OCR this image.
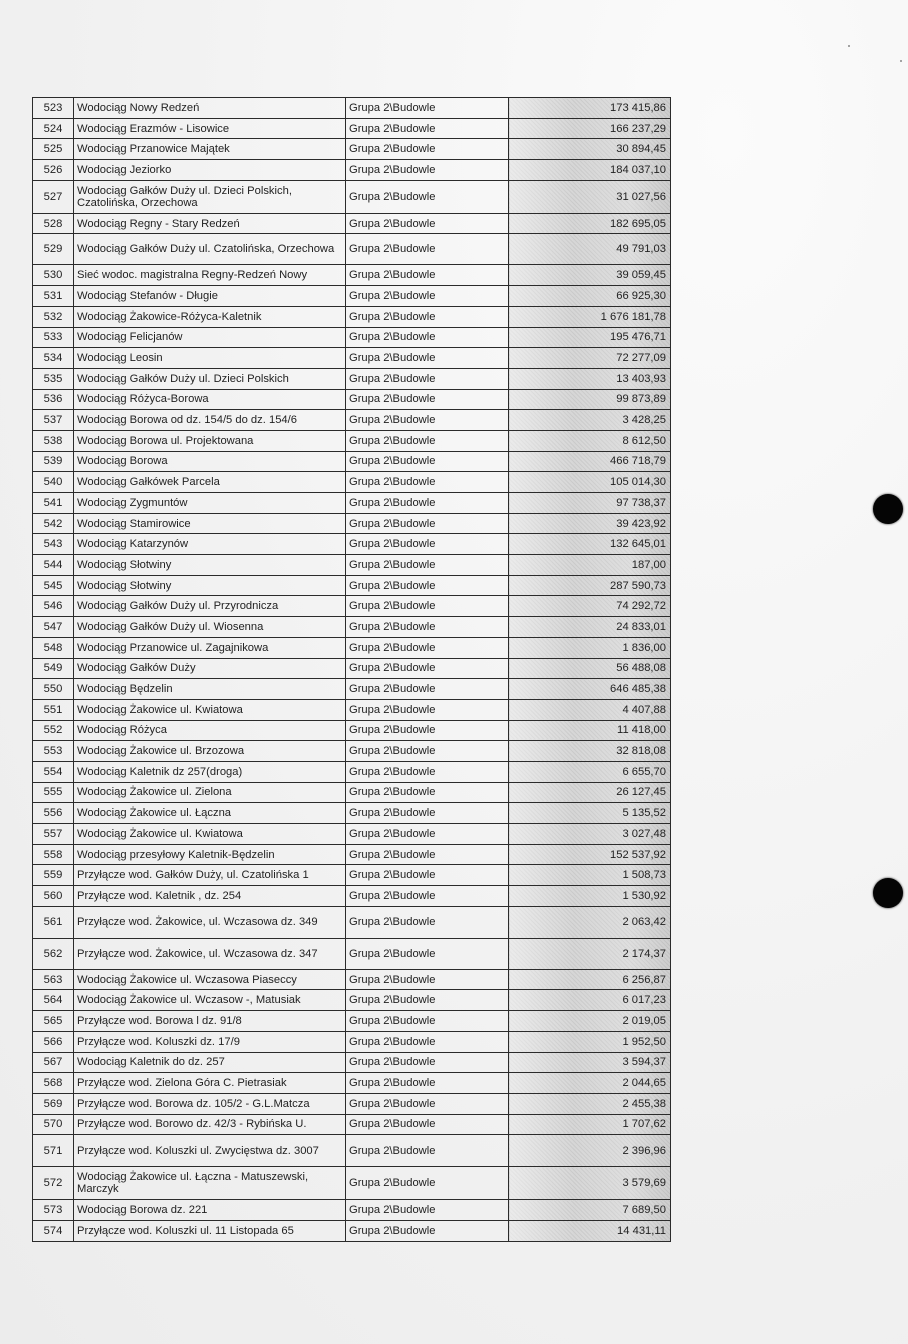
523	Wodociąg Nowy Redzeń	Grupa 2\Budowle	173 415,86
524	Wodociąg Erazmów - Lisowice	Grupa 2\Budowle	166 237,29
525	Wodociąg Przanowice Majątek	Grupa 2\Budowle	30 894,45
526	Wodociąg Jeziorko	Grupa 2\Budowle	184 037,10
527	Wodociąg Gałków Duży ul. Dzieci Polskich, Czatolińska, Orzechowa	Grupa 2\Budowle	31 027,56
528	Wodociąg Regny - Stary Redzeń	Grupa 2\Budowle	182 695,05
529	Wodociąg Gałków Duży ul. Czatolińska, Orzechowa	Grupa 2\Budowle	49 791,03
530	Sieć wodoc. magistralna Regny-Redzeń Nowy	Grupa 2\Budowle	39 059,45
531	Wodociąg Stefanów - Długie	Grupa 2\Budowle	66 925,30
532	Wodociąg Żakowice-Różyca-Kaletnik	Grupa 2\Budowle	1 676 181,78
533	Wodociąg Felicjanów	Grupa 2\Budowle	195 476,71
534	Wodociąg Leosin	Grupa 2\Budowle	72 277,09
535	Wodociąg Gałków Duży ul. Dzieci Polskich	Grupa 2\Budowle	13 403,93
536	Wodociąg Różyca-Borowa	Grupa 2\Budowle	99 873,89
537	Wodociąg Borowa od dz. 154/5 do dz. 154/6	Grupa 2\Budowle	3 428,25
538	Wodociąg Borowa ul. Projektowana	Grupa 2\Budowle	8 612,50
539	Wodociąg Borowa	Grupa 2\Budowle	466 718,79
540	Wodociąg Gałkówek Parcela	Grupa 2\Budowle	105 014,30
541	Wodociąg Zygmuntów	Grupa 2\Budowle	97 738,37
542	Wodociąg Stamirowice	Grupa 2\Budowle	39 423,92
543	Wodociąg Katarzynów	Grupa 2\Budowle	132 645,01
544	Wodociąg Słotwiny	Grupa 2\Budowle	187,00
545	Wodociąg Słotwiny	Grupa 2\Budowle	287 590,73
546	Wodociąg Gałków Duży ul. Przyrodnicza	Grupa 2\Budowle	74 292,72
547	Wodociąg Gałków Duży ul. Wiosenna	Grupa 2\Budowle	24 833,01
548	Wodociąg Przanowice ul. Zagajnikowa	Grupa 2\Budowle	1 836,00
549	Wodociąg Gałków Duży	Grupa 2\Budowle	56 488,08
550	Wodociąg Będzelin	Grupa 2\Budowle	646 485,38
551	Wodociąg Żakowice ul. Kwiatowa	Grupa 2\Budowle	4 407,88
552	Wodociąg Różyca	Grupa 2\Budowle	11 418,00
553	Wodociąg Żakowice ul. Brzozowa	Grupa 2\Budowle	32 818,08
554	Wodociąg Kaletnik dz 257(droga)	Grupa 2\Budowle	6 655,70
555	Wodociąg Żakowice ul. Zielona	Grupa 2\Budowle	26 127,45
556	Wodociąg Żakowice ul. Łączna	Grupa 2\Budowle	5 135,52
557	Wodociąg Żakowice ul. Kwiatowa	Grupa 2\Budowle	3 027,48
558	Wodociąg przesyłowy Kaletnik-Będzelin	Grupa 2\Budowle	152 537,92
559	Przyłącze wod. Gałków Duży, ul. Czatolińska 1	Grupa 2\Budowle	1 508,73
560	Przyłącze wod. Kaletnik , dz. 254	Grupa 2\Budowle	1 530,92
561	Przyłącze wod. Żakowice, ul. Wczasowa dz. 349	Grupa 2\Budowle	2 063,42
562	Przyłącze wod. Żakowice, ul. Wczasowa dz. 347	Grupa 2\Budowle	2 174,37
563	Wodociąg Żakowice ul. Wczasowa Piaseccy	Grupa 2\Budowle	6 256,87
564	Wodociąg Żakowice ul. Wczasow -, Matusiak	Grupa 2\Budowle	6 017,23
565	Przyłącze wod. Borowa l dz. 91/8	Grupa 2\Budowle	2 019,05
566	Przyłącze wod. Koluszki dz. 17/9	Grupa 2\Budowle	1 952,50
567	Wodociąg Kaletnik do dz. 257	Grupa 2\Budowle	3 594,37
568	Przyłącze wod. Zielona Góra C. Pietrasiak	Grupa 2\Budowle	2 044,65
569	Przyłącze wod. Borowa dz. 105/2 - G.L.Matcza	Grupa 2\Budowle	2 455,38
570	Przyłącze wod. Borowo dz. 42/3 - Rybińska U.	Grupa 2\Budowle	1 707,62
571	Przyłącze wod. Koluszki ul. Zwycięstwa dz. 3007	Grupa 2\Budowle	2 396,96
572	Wodociąg Żakowice ul. Łączna - Matuszewski, Marczyk	Grupa 2\Budowle	3 579,69
573	Wodociąg Borowa dz. 221	Grupa 2\Budowle	7 689,50
574	Przyłącze wod. Koluszki ul. 11 Listopada 65	Grupa 2\Budowle	14 431,11
